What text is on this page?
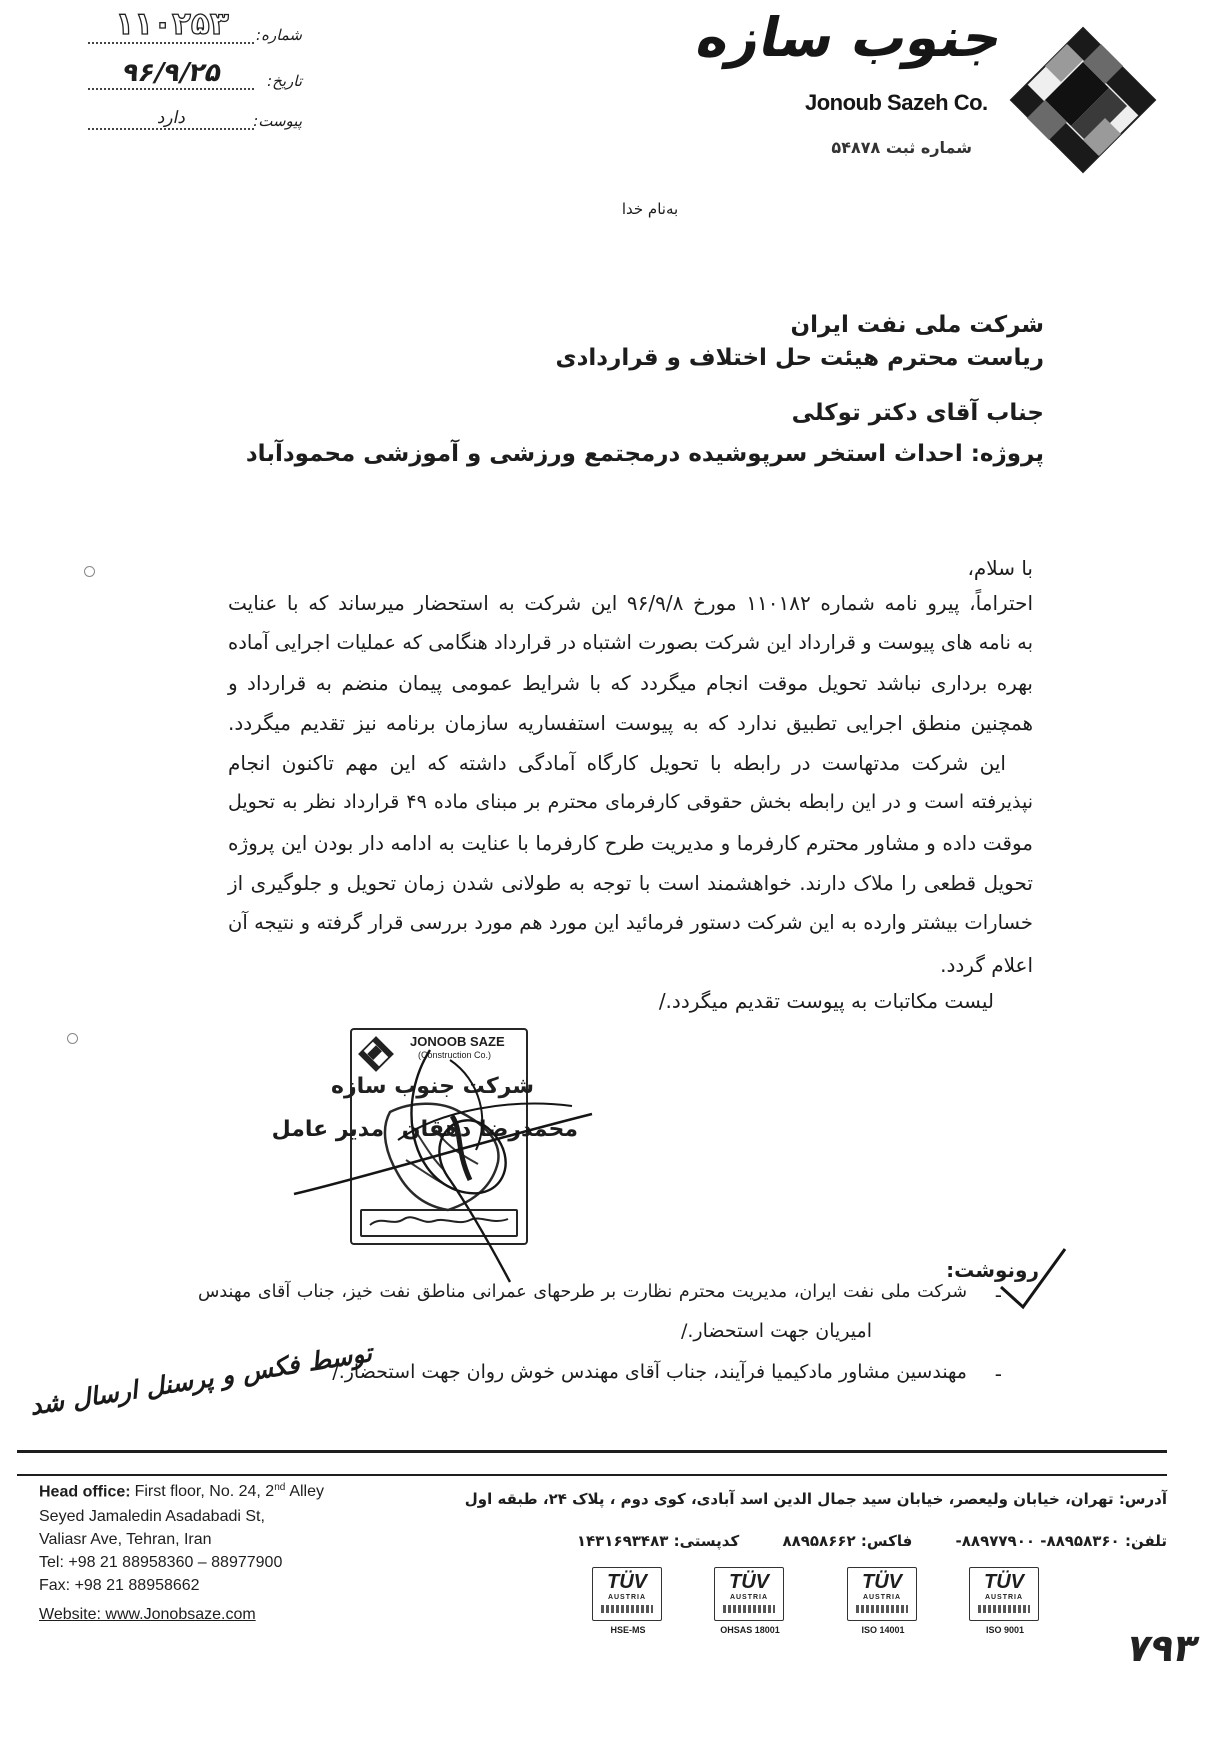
شماره:
۱۱۰۲۵۳
تاریخ:
۹۶/۹/۲۵
پیوست:
دارد
جنوب سازه
Jonoub Sazeh Co.
شماره ثبت ۵۴۸۷۸
به‌نام خدا
شرکت ملی نفت ایران
ریاست محترم هیئت حل اختلاف و قراردادی
جناب آقای دکتر توکلی
پروژه: احداث استخر سرپوشیده درمجتمع ورزشی و آموزشی محمودآباد
با سلام،
احتراماً، پیرو نامه شماره ۱۱۰۱۸۲ مورخ ۹۶/۹/۸ این شرکت به استحضار میرساند که با عنایت
به نامه های پیوست و قرارداد این شرکت بصورت اشتباه در قرارداد هنگامی که عملیات اجرایی آماده
بهره برداری نباشد تحویل موقت انجام میگردد که با شرایط عمومی پیمان منضم به قرارداد و
همچنین منطق اجرایی تطبیق ندارد که به پیوست استفساریه سازمان برنامه نیز تقدیم میگردد.
این شرکت مدتهاست در رابطه با تحویل کارگاه آمادگی داشته که این مهم تاکنون انجام
نپذیرفته است و در این رابطه بخش حقوقی کارفرمای محترم بر مبنای ماده ۴۹ قرارداد نظر به تحویل
موقت داده و مشاور محترم کارفرما و مدیریت طرح کارفرما با عنایت به ادامه دار بودن این پروژه
تحویل قطعی را ملاک دارند. خواهشمند است با توجه به طولانی شدن زمان تحویل و جلوگیری از
خسارات بیشتر وارده به این شرکت دستور فرمائید این مورد هم مورد بررسی قرار گرفته و نتیجه آن
اعلام گردد.
لیست مکاتبات به پیوست تقدیم میگردد./
JONOOB SAZE
(Construction Co.)
شرکت جنوب سازه
محمدرضا دهقان مدیر عامل
رونوشت:
-
شرکت ملی نفت ایران، مدیریت محترم نظارت بر طرحهای عمرانی مناطق نفت خیز، جناب آقای مهندس
امیریان جهت استحضار./
-
مهندسین مشاور مادکیمیا فرآیند، جناب آقای مهندس خوش روان جهت استحضار./
توسط فکس و پرسنل ارسال شد
Head office: First floor, No. 24, 2nd Alley
Seyed Jamaledin Asadabadi St,
Valiasr Ave, Tehran, Iran
Tel: +98 21 88958360 – 88977900
Fax: +98 21 88958662
Website: www.Jonobsaze.com
آدرس: تهران، خیابان ولیعصر، خیابان سید جمال الدین اسد آبادی، کوی دوم ، پلاک ۲۴، طبقه اول
تلفن: ۸۸۹۵۸۳۶۰- ۸۸۹۷۷۹۰۰- فاکس: ۸۸۹۵۸۶۶۲ کدپستی: ۱۴۳۱۶۹۳۴۸۳
TÜV
AUSTRIA
HSE-MS
TÜV
AUSTRIA
OHSAS 18001
TÜV
AUSTRIA
ISO 14001
TÜV
AUSTRIA
ISO 9001	۷۹۳
